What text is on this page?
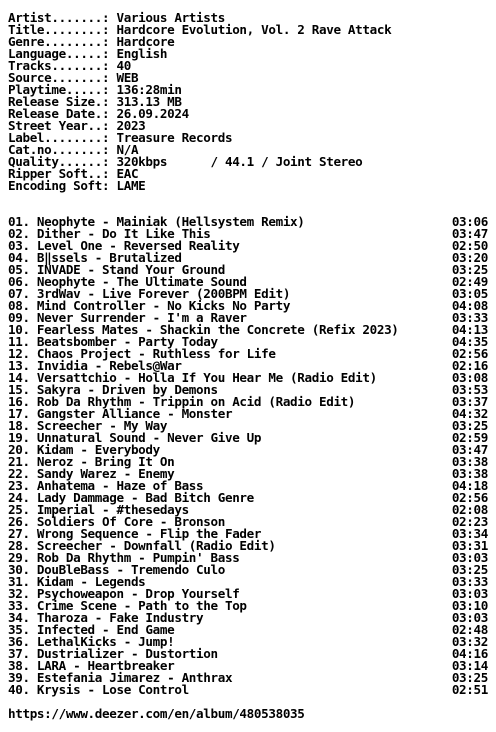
Artist.......: Various Artists
Title........: Hardcore Evolution, Vol. 2 Rave Attack
Genre........: Hardcore
Language.....: English
Tracks.......: 40
Source.......: WEB
Playtime.....: 136:28min
Release Size.: 313.13 MB
Release Date.: 26.09.2024
Street Year..: 2023
Label........: Treasure Records
Cat.no.......: N/A
Quality......: 320kbps      / 44.1 / Joint Stereo
Ripper Soft..: EAC
Encoding Soft: LAME
01. Neophyte - Mainiak (Hellsystem Remix)	03:06
02. Dither - Do It Like This	03:47
03. Level One - Reversed Reality	02:50
04. B‖ssels - Brutalized	03:20
05. INVADE - Stand Your Ground	03:25
06. Neophyte - The Ultimate Sound	02:49
07. 3rdWav - Live Forever (200BPM Edit)	03:05
08. Mind Controller - No Kicks No Party	04:08
09. Never Surrender - I'm a Raver	03:33
10. Fearless Mates - Shackin the Concrete (Refix 2023)	04:13
11. Beatsbomber - Party Today	04:35
12. Chaos Project - Ruthless for Life	02:56
13. Invidia - Rebels@War	02:16
14. Versattchio - Holla If You Hear Me (Radio Edit)	03:08
15. Sakyra - Driven by Demons	03:53
16. Rob Da Rhythm - Trippin on Acid (Radio Edit)	03:37
17. Gangster Alliance - Monster	04:32
18. Screecher - My Way	03:25
19. Unnatural Sound - Never Give Up	02:59
20. Kidam - Everybody	03:47
21. Neroz - Bring It On	03:38
22. Sandy Warez - Enemy	03:38
23. Anhatema - Haze of Bass	04:18
24. Lady Dammage - Bad Bitch Genre	02:56
25. Imperial - #thesedays	02:08
26. Soldiers Of Core - Bronson	02:23
27. Wrong Sequence - Flip the Fader	03:34
28. Screecher - Downfall (Radio Edit)	03:31
29. Rob Da Rhythm - Pumpin' Bass	03:03
30. DouBleBass - Tremendo Culo	03:25
31. Kidam - Legends	03:33
32. Psychoweapon - Drop Yourself	03:03
33. Crime Scene - Path to the Top	03:10
34. Tharoza - Fake Industry	03:03
35. Infected - End Game	02:48
36. LethalKicks - Jump!	03:32
37. Dustrializer - Dustortion	04:16
38. LARA - Heartbreaker	03:14
39. Estefania Jimarez - Anthrax	03:25
40. Krysis - Lose Control	02:51
https://www.deezer.com/en/album/480538035
